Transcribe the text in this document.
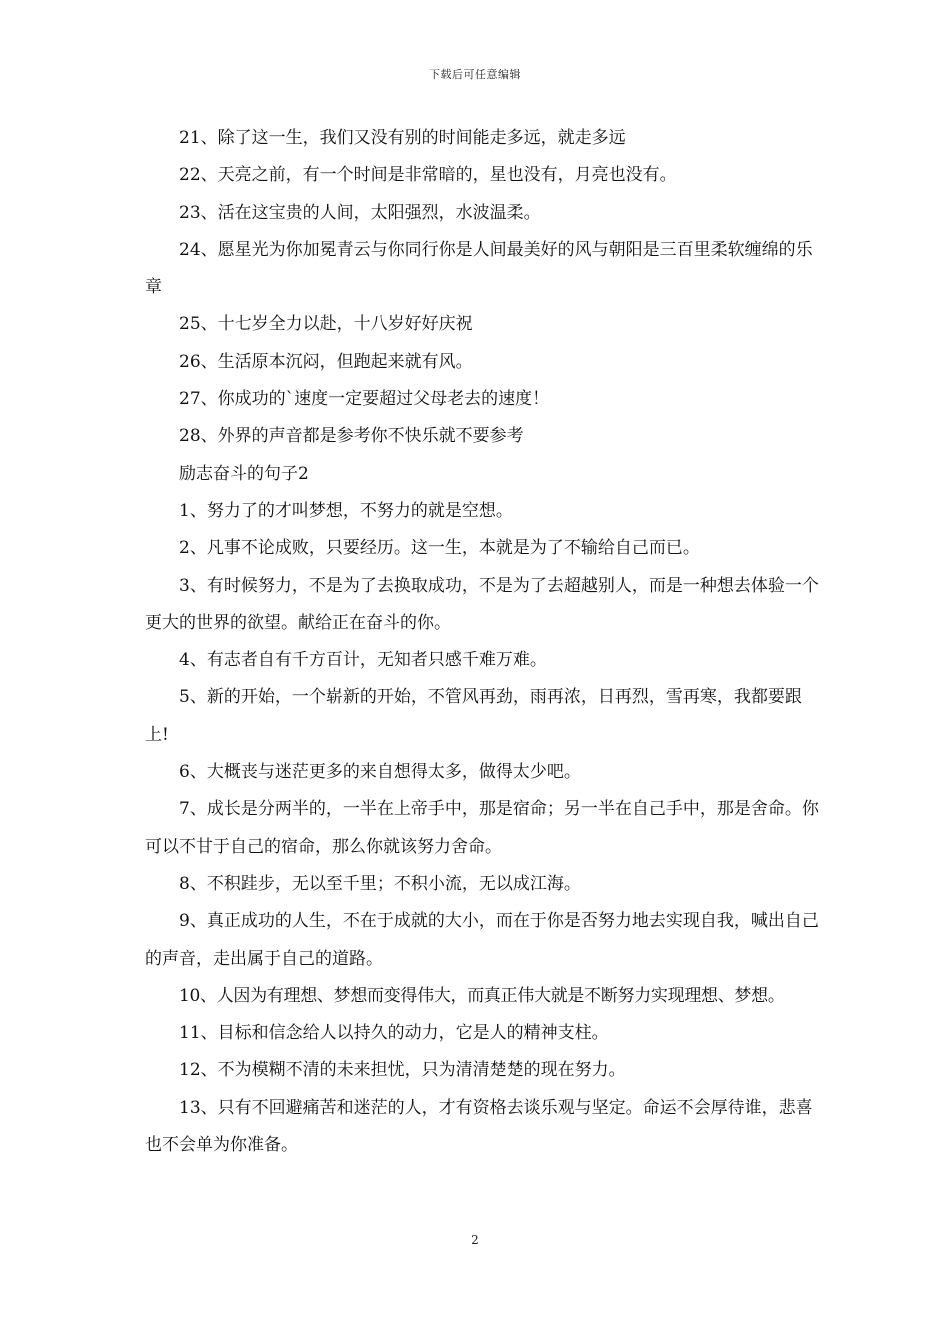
下载后可任意编辑

21、除了这一生，我们又没有别的时间能走多远，就走多远

22、天亮之前，有一个时间是非常暗的，星也没有，月亮也没有。

23、活在这宝贵的人间，太阳强烈，水波温柔。

24、愿星光为你加冕青云与你同行你是人间最美好的风与朝阳是三百里柔软缠绵的乐章

25、十七岁全力以赴，十八岁好好庆祝

26、生活原本沉闷，但跑起来就有风。

27、你成功的`速度一定要超过父母老去的速度！

28、外界的声音都是参考你不快乐就不要参考

励志奋斗的句子2

1、努力了的才叫梦想，不努力的就是空想。

2、凡事不论成败，只要经历。这一生，本就是为了不输给自己而已。

3、有时候努力，不是为了去换取成功，不是为了去超越别人，而是一种想去体验一个更大的世界的欲望。献给正在奋斗的你。

4、有志者自有千方百计，无知者只感千难万难。

5、新的开始，一个崭新的开始，不管风再劲，雨再浓，日再烈，雪再寒，我都要跟上!

6、大概丧与迷茫更多的来自想得太多，做得太少吧。

7、成长是分两半的，一半在上帝手中，那是宿命；另一半在自己手中，那是舍命。你可以不甘于自己的宿命，那么你就该努力舍命。

8、不积跬步，无以至千里；不积小流，无以成江海。

9、真正成功的人生，不在于成就的大小，而在于你是否努力地去实现自我，喊出自己的声音，走出属于自己的道路。

10、人因为有理想、梦想而变得伟大，而真正伟大就是不断努力实现理想、梦想。

11、目标和信念给人以持久的动力，它是人的精神支柱。

12、不为模糊不清的未来担忧，只为清清楚楚的现在努力。

13、只有不回避痛苦和迷茫的人，才有资格去谈乐观与坚定。命运不会厚待谁，悲喜也不会单为你准备。

2
